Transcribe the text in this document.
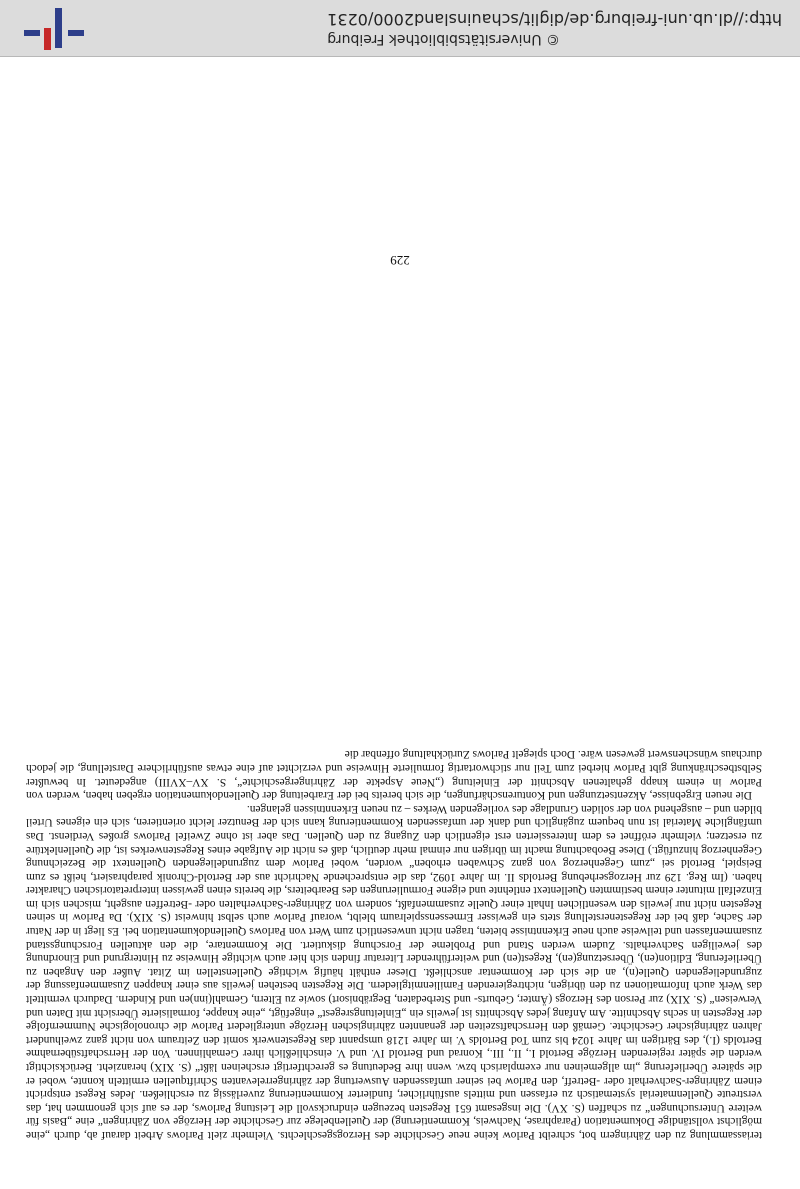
teriassammlung zu den Zähringern bot, schreibt Parlow keine neue Geschichte des Herzogsgeschlechts. Vielmehr zielt Parlows Arbeit darauf ab, durch „eine möglichst vollständige Dokumentation (Paraphrase, Nachweis, Kommentierung) der Quellenbelege zur Geschichte der Herzöge von Zähringen“ eine „Basis für weitere Untersuchungen“ zu schaffen (S. XV). Die insgesamt 651 Regesten bezeugen eindrucksvoll die Leistung Parlows, der es auf sich genommen hat, das verstreute Quellenmaterial systematisch zu erfassen und mittels ausführlicher, fundierter Kommentierung zuverlässig zu erschließen. Jedes Regest entspricht einem Zähringer-Sachverhalt oder -Betreff, den Parlow bei seiner umfassenden Auswertung der zähringerrelevanten Schriftquellen ermitteln konnte, wobei er die spätere Überlieferung „im allgemeinen nur exemplarisch bzw. wenn ihre Bedeutung es gerechtfertigt erscheinen läßt“ (S. XIX) heranzieht. Berücksichtigt werden die später regierenden Herzöge Bertold I., II., III., Konrad und Bertold IV. und V. einschließlich ihrer Gemahlinnen. Von der Herrschaftsübernahme Bertolds (I.), des Bärtigen im Jahre 1024 bis zum Tod Bertolds V. im Jahre 1218 umspannt das Regestenwerk somit den Zeitraum von nicht ganz zweihundert Jahren zähringischer Geschichte. Gemäß den Herrschaftszeiten der genannten zähringischen Herzöge untergliedert Parlow die chronologische Nummernfolge der Regesten in sechs Abschnitte. Am Anfang jedes Abschnitts ist jeweils ein „Einleitungsregest“ eingefügt, „eine knappe, formalisierte Übersicht mit Daten und Verweisen“ (S. XIX) zur Person des Herzogs (Ämter, Geburts- und Sterbedaten, Begräbnisort) sowie zu Eltern, Gemahl(inn)en und Kindern. Dadurch vermittelt das Werk auch Informationen zu den übrigen, nichtregierenden Familienmitgliedern. Die Regesten bestehen jeweils aus einer knappen Zusammenfassung der zugrundeliegenden Quelle(n), an die sich der Kommentar anschließt. Dieser enthält häufig wichtige Quellenstellen im Zitat. Außer den Angaben zu Überlieferung, Edition(en), Übersetzung(en), Regest(en) und weiterführender Literatur finden sich hier auch wichtige Hinweise zu Hintergrund und Einordnung des jeweiligen Sachverhalts. Zudem werden Stand und Probleme der Forschung diskutiert. Die Kommentare, die den aktuellen Forschungsstand zusammenfassen und teilweise auch neue Erkenntnisse bieten, tragen nicht unwesentlich zum Wert von Parlows Quellendokumentation bei. Es liegt in der Natur der Sache, daß bei der Regestenerstellung stets ein gewisser Ermessensspielraum bleibt, worauf Parlow auch selbst hinweist (S. XIX). Da Parlow in seinen Regesten nicht nur jeweils den wesentlichen Inhalt einer Quelle zusammenfaßt, sondern von Zähringer-Sachverhalten oder -Betreffen ausgeht, mischen sich im Einzelfall mitunter einem bestimmten Quellentext entlehnte und eigene Formulierungen des Bearbeiters, die bereits einen gewissen interpretatorischen Charakter haben. (Im Reg. 129 zur Herzogserhebung Bertolds II. im Jahre 1092, das die entsprechende Nachricht aus der Bertold-Chronik paraphrasiert, heißt es zum Beispiel, Bertold sei „zum Gegenherzog von ganz Schwaben erhoben“ worden, wobei Parlow dem zugrundeliegenden Quellentext die Bezeichnung Gegenherzog hinzufügt.) Diese Beobachtung macht im übrigen nur einmal mehr deutlich, daß es nicht die Aufgabe eines Regestenwerkes ist, die Quellenlektüre zu ersetzen; vielmehr eröffnet es dem Interessierten erst eigentlich den Zugang zu den Quellen. Das aber ist ohne Zweifel Parlows großes Verdienst. Das umfängliche Material ist nun bequem zugänglich und dank der umfassenden Kommentierung kann sich der Benutzer leicht orientieren, sich ein eigenes Urteil bilden und – ausgehend von der soliden Grundlage des vorliegenden Werkes – zu neuen Erkenntnissen gelangen.

Die neuen Ergebnisse, Akzentsetzungen und Konturenschärfungen, die sich bereits bei der Erarbeitung der Quellendokumentation ergeben haben, werden von Parlow in einem knapp gehaltenen Abschnitt der Einleitung („Neue Aspekte der Zähringergeschichte“, S. XV–XVIII) angedeutet. In bewußter Selbstbeschränkung gibt Parlow hierbei zum Teil nur stichwortartig formulierte Hinweise und verzichtet auf eine etwas ausführlichere Darstellung, die jedoch durchaus wünschenswert gewesen wäre. Doch spiegelt Parlows Zurückhaltung offenbar die

© Universitätsbibliothek Freiburg
http://dl.ub.uni-freiburg.de/diglit/schauinsland2000/0231
229
